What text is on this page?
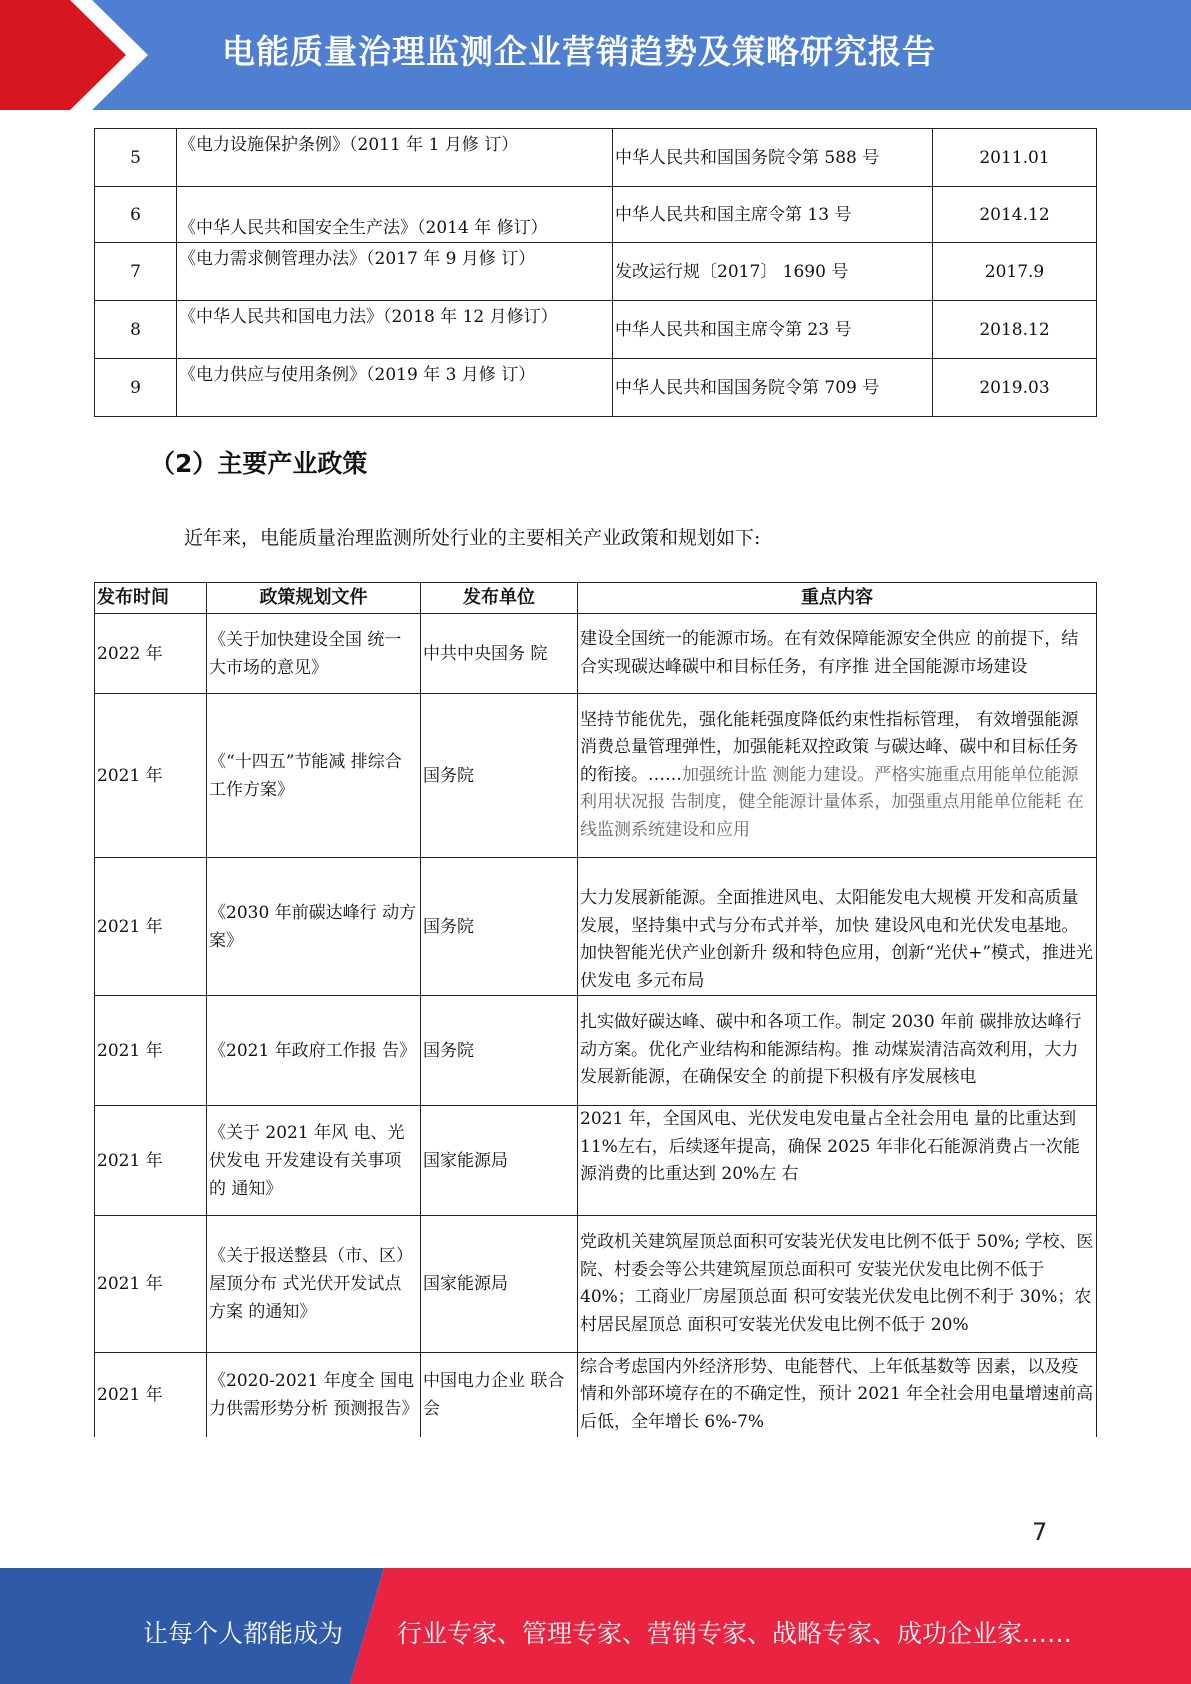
电能质量治理监测企业营销趋势及策略研究报告
5	《电力设施保护条例》（2011 年 1 月修 订）	中华人民共和国国务院令第 588 号	2011.01
6	《中华人民共和国安全生产法》（2014 年 修订）	中华人民共和国主席令第 13 号	2014.12
7	《电力需求侧管理办法》（2017 年 9 月修 订）	发改运行规〔2017〕 1690 号	2017.9
8	《中华人民共和国电力法》（2018 年 12 月修订）	中华人民共和国主席令第 23 号	2018.12
9	《电力供应与使用条例》（2019 年 3 月修 订）	中华人民共和国国务院令第 709 号	2019.03
（2）主要产业政策
近年来，电能质量治理监测所处行业的主要相关产业政策和规划如下:
发布时间	政策规划文件	发布单位	重点内容
2022 年	《关于加快建设全国 统一大市场的意见》	中共中央国务 院	建设全国统一的能源市场。在有效保障能源安全供应 的前提下，结合实现碳达峰碳中和目标任务，有序推 进全国能源市场建设
2021 年	《“十四五”节能减 排综合工作方案》	国务院	坚持节能优先，强化能耗强度降低约束性指标管理， 有效增强能源消费总量管理弹性，加强能耗双控政策 与碳达峰、碳中和目标任务的衔接。……加强统计监 测能力建设。严格实施重点用能单位能源利用状况报 告制度，健全能源计量体系，加强重点用能单位能耗 在线监测系统建设和应用
2021 年	《2030 年前碳达峰行 动方案》	国务院	大力发展新能源。全面推进风电、太阳能发电大规模 开发和高质量发展，坚持集中式与分布式并举，加快 建设风电和光伏发电基地。加快智能光伏产业创新升 级和特色应用，创新“光伏+”模式，推进光伏发电 多元布局
2021 年	《2021 年政府工作报 告》	国务院	扎实做好碳达峰、碳中和各项工作。制定 2030 年前 碳排放达峰行动方案。优化产业结构和能源结构。推 动煤炭清洁高效利用，大力发展新能源，在确保安全 的前提下积极有序发展核电
2021 年	《关于 2021 年风 电、光伏发电 开发建设有关事项的 通知》	国家能源局	2021 年，全国风电、光伏发电发电量占全社会用电 量的比重达到 11%左右，后续逐年提高，确保 2025 年非化石能源消费占一次能源消费的比重达到 20%左 右
2021 年	《关于报送整县（市、区）屋顶分布 式光伏开发试点方案 的通知》	国家能源局	党政机关建筑屋顶总面积可安装光伏发电比例不低于 50%; 学校、医院、村委会等公共建筑屋顶总面积可 安装光伏发电比例不低于 40%；工商业厂房屋顶总面 积可安装光伏发电比例不利于 30%；农村居民屋顶总 面积可安装光伏发电比例不低于 20%
2021 年	《2020-2021 年度全 国电力供需形势分析 预测报告》	中国电力企业 联合会	综合考虑国内外经济形势、电能替代、上年低基数等 因素，以及疫情和外部环境存在的不确定性，预计 2021 年全社会用电量增速前高后低，全年增长 6%-7%
7
让每个人都能成为 行业专家、管理专家、营销专家、战略专家、成功企业家……
